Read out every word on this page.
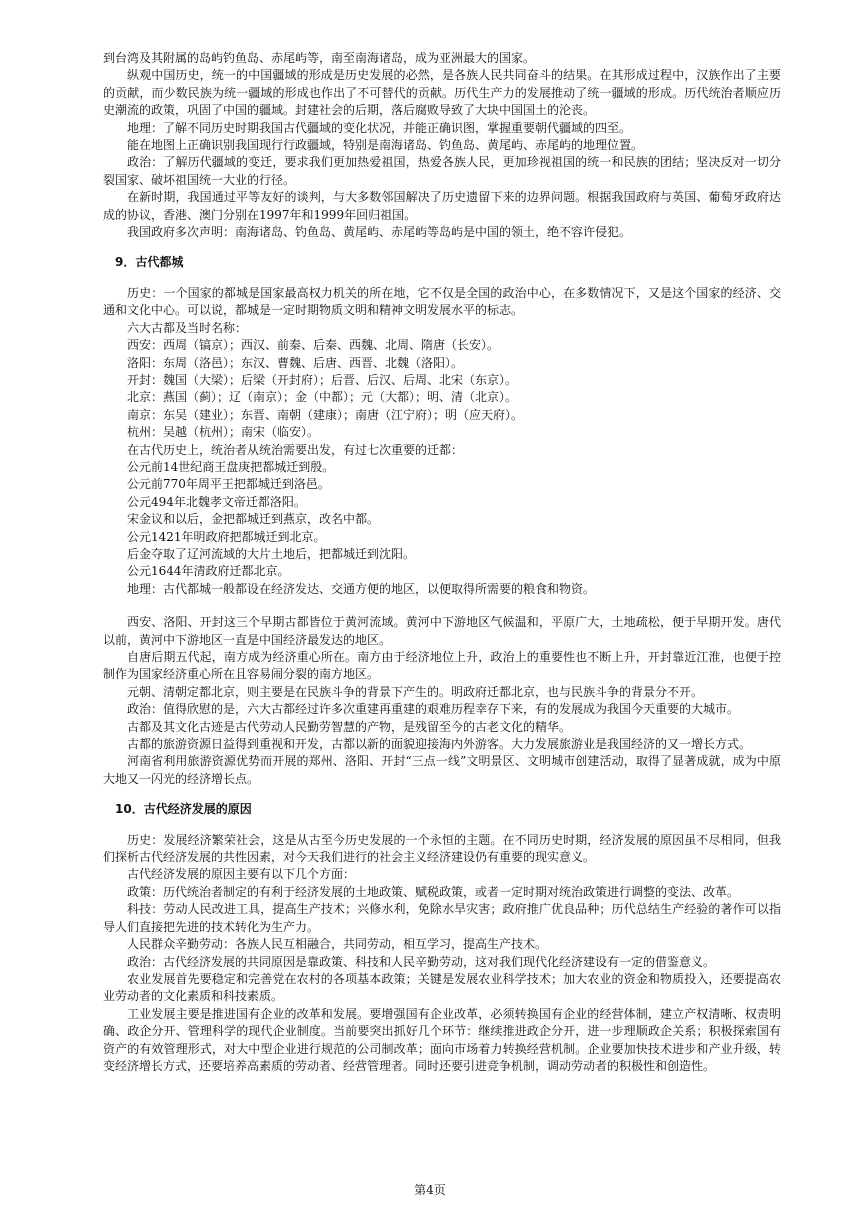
到台湾及其附属的岛屿钓鱼岛、赤尾屿等，南至南海诸岛，成为亚洲最大的国家。

纵观中国历史，统一的中国疆域的形成是历史发展的必然，是各族人民共同奋斗的结果。在其形成过程中，汉族作出了主要的贡献，而少数民族为统一疆域的形成也作出了不可替代的贡献。历代生产力的发展推动了统一疆域的形成。历代统治者顺应历史潮流的政策，巩固了中国的疆域。封建社会的后期，落后腐败导致了大块中国国土的沦丧。

地理：了解不同历史时期我国古代疆域的变化状况，并能正确识图，掌握重要朝代疆域的四至。

能在地图上正确识别我国现行行政疆域，特别是南海诸岛、钓鱼岛、黄尾屿、赤尾屿的地理位置。

政治：了解历代疆域的变迁，要求我们更加热爱祖国，热爱各族人民，更加珍视祖国的统一和民族的团结；坚决反对一切分裂国家、破坏祖国统一大业的行径。

在新时期，我国通过平等友好的谈判，与大多数邻国解决了历史遗留下来的边界问题。根据我国政府与英国、葡萄牙政府达成的协议，香港、澳门分别在1997年和1999年回归祖国。

我国政府多次声明：南海诸岛、钓鱼岛、黄尾屿、赤尾屿等岛屿是中国的领土，绝不容许侵犯。

9．古代都城

历史：一个国家的都城是国家最高权力机关的所在地，它不仅是全国的政治中心，在多数情况下，又是这个国家的经济、交通和文化中心。可以说，都城是一定时期物质文明和精神文明发展水平的标志。

六大古都及当时名称：

西安：西周（镐京）；西汉、前秦、后秦、西魏、北周、隋唐（长安）。

洛阳：东周（洛邑）；东汉、曹魏、后唐、西晋、北魏（洛阳）。

开封：魏国（大梁）；后梁（开封府）；后晋、后汉、后周、北宋（东京）。

北京：燕国（蓟）；辽（南京）；金（中都）；元（大都）；明、清（北京）。

南京：东吴（建业）；东晋、南朝（建康）；南唐（江宁府）；明（应天府）。

杭州：吴越（杭州）；南宋（临安）。

在古代历史上，统治者从统治需要出发，有过七次重要的迁都：

公元前14世纪商王盘庚把都城迁到殷。

公元前770年周平王把都城迁到洛邑。

公元494年北魏孝文帝迁都洛阳。

宋金议和以后，金把都城迁到燕京，改名中都。

公元1421年明政府把都城迁到北京。

后金夺取了辽河流域的大片土地后，把都城迁到沈阳。

公元1644年清政府迁都北京。

地理：古代都城一般都设在经济发达、交通方便的地区，以便取得所需要的粮食和物资。

西安、洛阳、开封这三个早期古都皆位于黄河流域。黄河中下游地区气候温和，平原广大，土地疏松，便于早期开发。唐代以前，黄河中下游地区一直是中国经济最发达的地区。

自唐后期五代起，南方成为经济重心所在。南方由于经济地位上升，政治上的重要性也不断上升，开封靠近江淮，也便于控制作为国家经济重心所在且容易闹分裂的南方地区。

元朝、清朝定都北京，则主要是在民族斗争的背景下产生的。明政府迁都北京，也与民族斗争的背景分不开。

政治：值得欣慰的是，六大古都经过许多次重建再重建的艰难历程幸存下来，有的发展成为我国今天重要的大城市。

古都及其文化古迹是古代劳动人民勤劳智慧的产物，是残留至今的古老文化的精华。

古都的旅游资源日益得到重视和开发，古都以新的面貌迎接海内外游客。大力发展旅游业是我国经济的又一增长方式。

河南省利用旅游资源优势而开展的郑州、洛阳、开封“三点一线”文明景区、文明城市创建活动，取得了显著成就，成为中原大地又一闪光的经济增长点。

10．古代经济发展的原因

历史：发展经济繁荣社会，这是从古至今历史发展的一个永恒的主题。在不同历史时期，经济发展的原因虽不尽相同，但我们探析古代经济发展的共性因素，对今天我们进行的社会主义经济建设仍有重要的现实意义。

古代经济发展的原因主要有以下几个方面：

政策：历代统治者制定的有利于经济发展的土地政策、赋税政策，或者一定时期对统治政策进行调整的变法、改革。

科技：劳动人民改进工具，提高生产技术；兴修水利，免除水旱灾害；政府推广优良品种；历代总结生产经验的著作可以指导人们直接把先进的技术转化为生产力。

人民群众辛勤劳动：各族人民互相融合，共同劳动，相互学习，提高生产技术。

政治：古代经济发展的共同原因是靠政策、科技和人民辛勤劳动，这对我们现代化经济建设有一定的借鉴意义。

农业发展首先要稳定和完善党在农村的各项基本政策；关键是发展农业科学技术；加大农业的资金和物质投入，还要提高农业劳动者的文化素质和科技素质。

工业发展主要是推进国有企业的改革和发展。要增强国有企业改革，必须转换国有企业的经营体制，建立产权清晰、权责明确、政企分开、管理科学的现代企业制度。当前要突出抓好几个环节：继续推进政企分开，进一步理顺政企关系；积极探索国有资产的有效管理形式，对大中型企业进行规范的公司制改革；面向市场着力转换经营机制。企业要加快技术进步和产业升级，转变经济增长方式，还要培养高素质的劳动者、经营管理者。同时还要引进竞争机制，调动劳动者的积极性和创造性。

第4页
